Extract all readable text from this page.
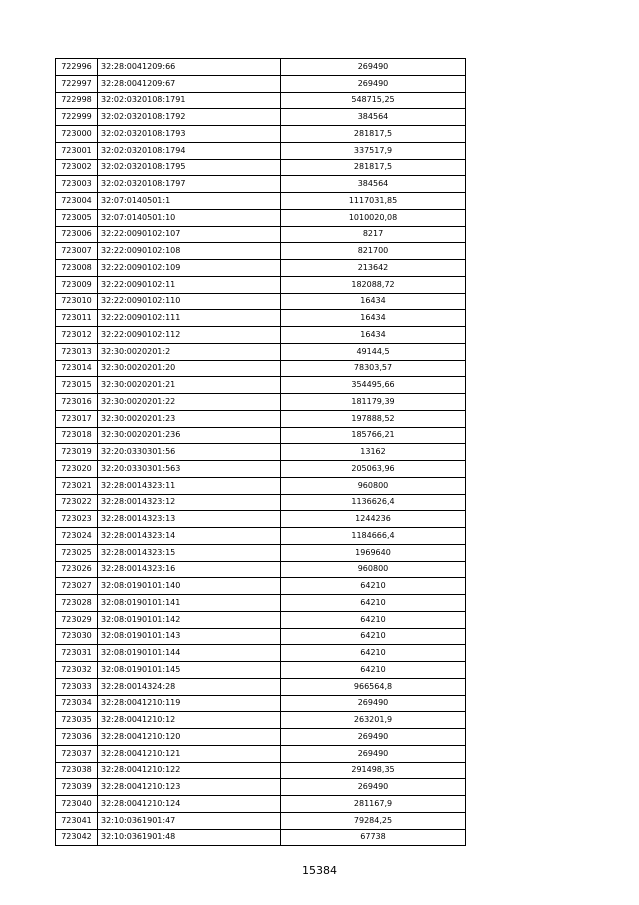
722996	32:28:0041209:66	269490
722997	32:28:0041209:67	269490
722998	32:02:0320108:1791	548715,25
722999	32:02:0320108:1792	384564
723000	32:02:0320108:1793	281817,5
723001	32:02:0320108:1794	337517,9
723002	32:02:0320108:1795	281817,5
723003	32:02:0320108:1797	384564
723004	32:07:0140501:1	1117031,85
723005	32:07:0140501:10	1010020,08
723006	32:22:0090102:107	8217
723007	32:22:0090102:108	821700
723008	32:22:0090102:109	213642
723009	32:22:0090102:11	182088,72
723010	32:22:0090102:110	16434
723011	32:22:0090102:111	16434
723012	32:22:0090102:112	16434
723013	32:30:0020201:2	49144,5
723014	32:30:0020201:20	78303,57
723015	32:30:0020201:21	354495,66
723016	32:30:0020201:22	181179,39
723017	32:30:0020201:23	197888,52
723018	32:30:0020201:236	185766,21
723019	32:20:0330301:56	13162
723020	32:20:0330301:563	205063,96
723021	32:28:0014323:11	960800
723022	32:28:0014323:12	1136626,4
723023	32:28:0014323:13	1244236
723024	32:28:0014323:14	1184666,4
723025	32:28:0014323:15	1969640
723026	32:28:0014323:16	960800
723027	32:08:0190101:140	64210
723028	32:08:0190101:141	64210
723029	32:08:0190101:142	64210
723030	32:08:0190101:143	64210
723031	32:08:0190101:144	64210
723032	32:08:0190101:145	64210
723033	32:28:0014324:28	966564,8
723034	32:28:0041210:119	269490
723035	32:28:0041210:12	263201,9
723036	32:28:0041210:120	269490
723037	32:28:0041210:121	269490
723038	32:28:0041210:122	291498,35
723039	32:28:0041210:123	269490
723040	32:28:0041210:124	281167,9
723041	32:10:0361901:47	79284,25
723042	32:10:0361901:48	67738
15384
